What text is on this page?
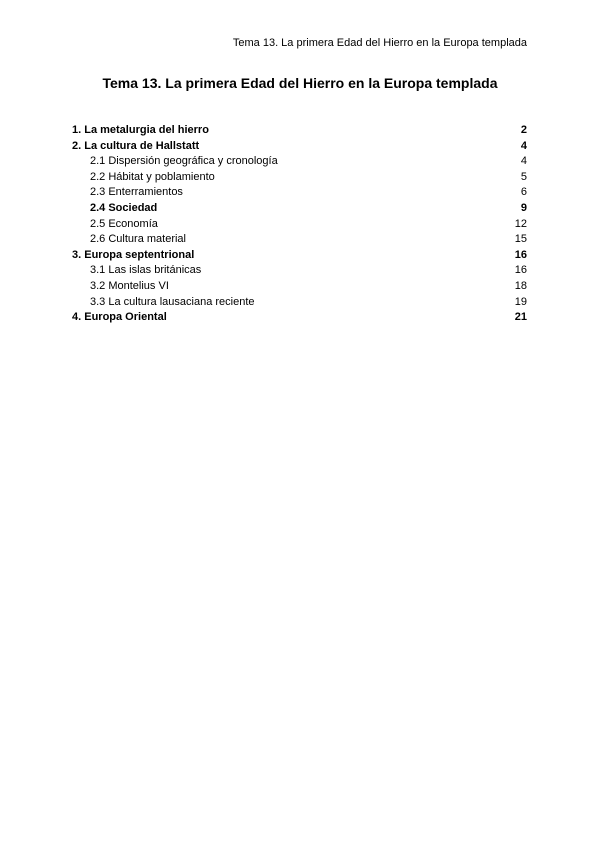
Tema 13. La primera Edad del Hierro en la Europa templada
Tema 13. La primera Edad del Hierro en la Europa templada
1. La metalurgia del hierro	2
2. La cultura de Hallstatt	4
2.1 Dispersión geográfica y cronología	4
2.2 Hábitat y poblamiento	5
2.3 Enterramientos	6
2.4 Sociedad	9
2.5 Economía	12
2.6 Cultura material	15
3. Europa septentrional	16
3.1 Las islas británicas	16
3.2 Montelius VI	18
3.3 La cultura lausaciana reciente	19
4. Europa Oriental	21
